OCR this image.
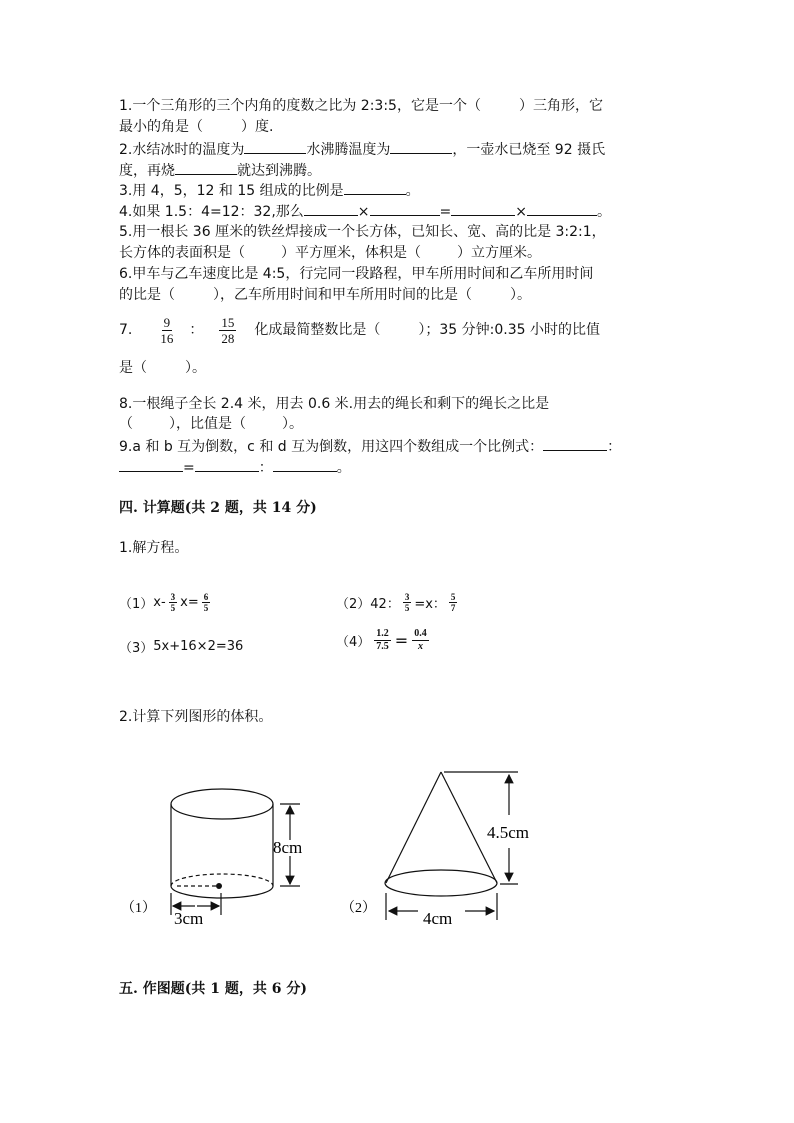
1.一个三角形的三个内角的度数之比为 2:3:5，它是一个（	）三角形，它
最小的角是（	）度.
2.水结冰时的温度为	水沸腾温度为	，一壶水已烧至 92 摄氏
度，再烧	就达到沸腾。
3.用 4，5，12 和 15 组成的比例是	。
4.如果 1.5：4=12：32,那么	×	=	×	。
5.用一根长 36 厘米的铁丝焊接成一个长方体，已知长、宽、高的比是 3:2:1，
长方体的表面积是（	）平方厘米，体积是（	）立方厘米。
6.甲车与乙车速度比是 4:5，行完同一段路程，甲车所用时间和乙车所用时间
的比是（	），乙车所用时间和甲车所用时间的比是（	）。
7. $\frac{9}{16}$ ： $\frac{15}{28}$ 化成最简整数比是（	）；35 分钟:0.35 小时的比值
是（	）。
8.一根绳子全长 2.4 米，用去 0.6 米.用去的绳长和剩下的绳长之比是
（	），比值是（	）。
9.a 和 b 互为倒数，c 和 d 互为倒数，用这四个数组成一个比例式：	：
=	：	。
四. 计算题(共 2 题，共 14 分)
1.解方程。
（1） $x- \frac{3}{5} x= \frac{6}{5}$	（2） 42： $\frac{3}{5} =x$： $\frac{5}{7}$
（3） 5x+16×2=36	$(4) \frac{1.2}{7.5} = \frac{0.4}{x}$
2.计算下列图形的体积。
8cm
3cm
（1）
4.5cm
4cm
（2）
五. 作图题(共 1 题，共 6 分)
